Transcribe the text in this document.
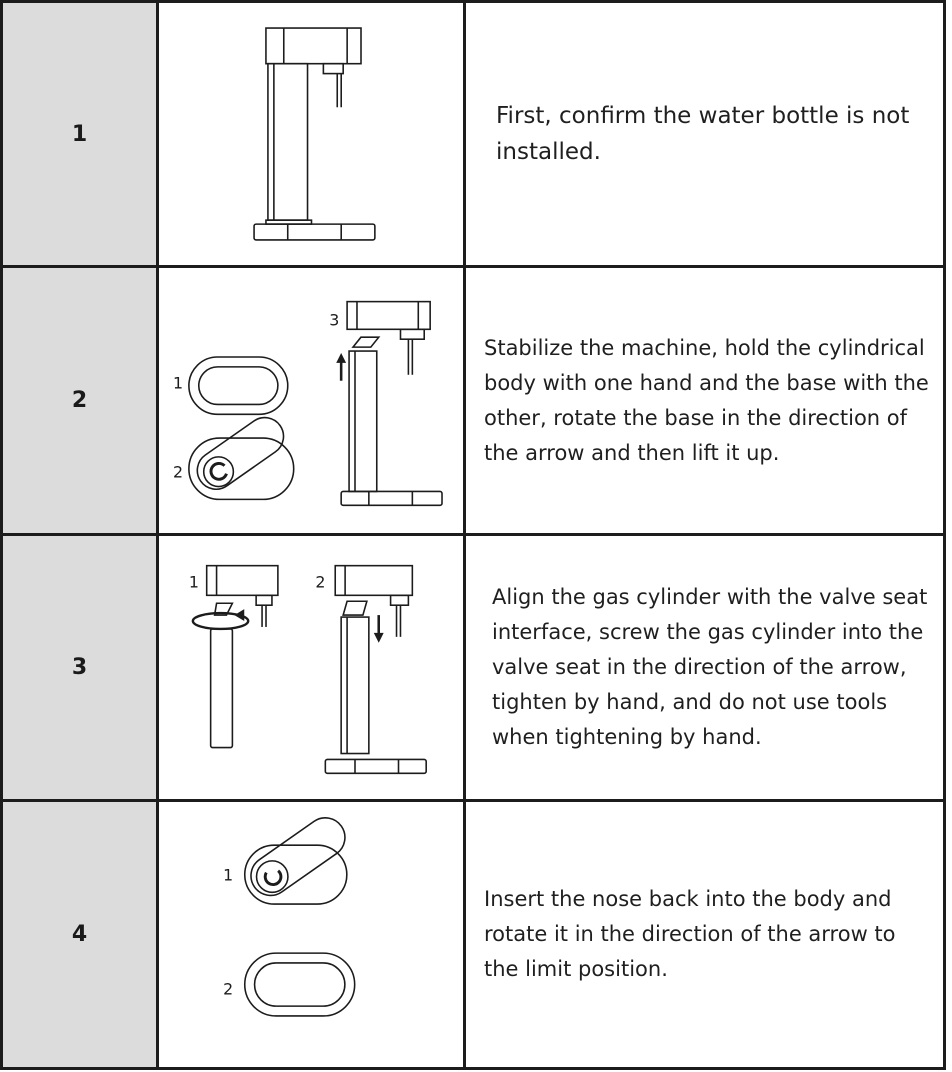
1
First, confirm the water bottle is not installed.
2
1
2
3
Stabilize the machine, hold the cylindrical body with one hand and the base with the other, rotate the base in the direction of the arrow and then lift it up.
3
1	2
Align the gas cylinder with the valve seat interface, screw the gas cylinder into the valve seat in the direction of the arrow, tighten by hand, and do not use tools when tightening by hand.
4
1
2
Insert the nose back into the body and rotate it in the direction of the arrow to the limit position.
